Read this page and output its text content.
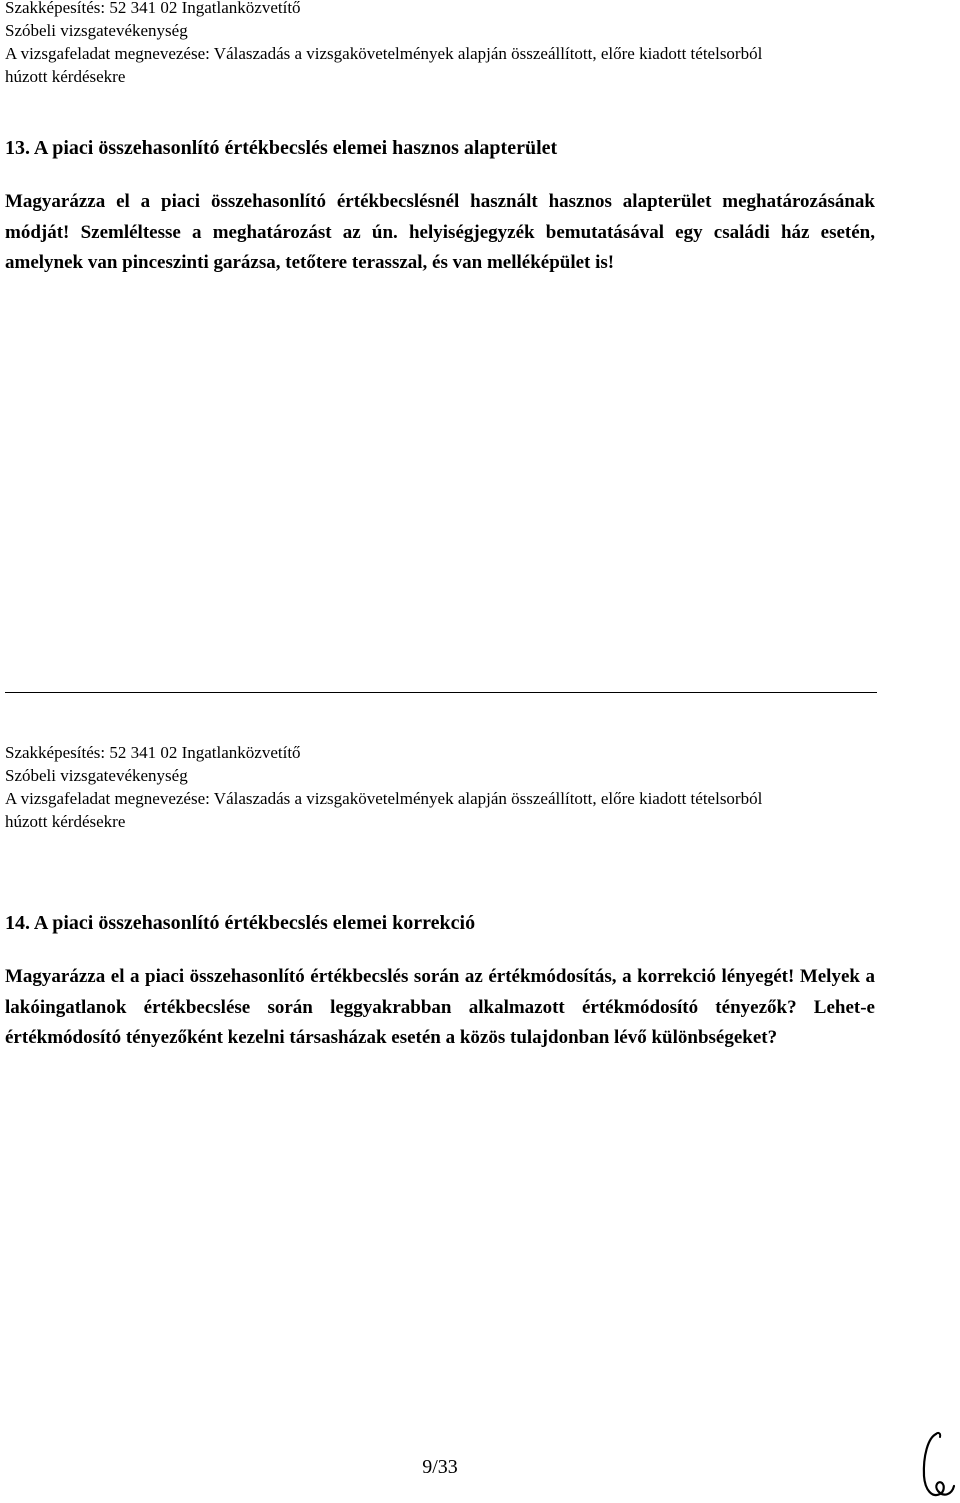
Szakképesítés: 52 341 02 Ingatlanközvetítő
Szóbeli vizsgatevékenység
A vizsgafeladat megnevezése: Válaszadás a vizsgakövetelmények alapján összeállított, előre kiadott tételsorból
húzott kérdésekre
13. A piaci összehasonlító értékbecslés elemei hasznos alapterület
Magyarázza el a piaci összehasonlító értékbecslésnél használt hasznos alapterület meghatározásának módját! Szemléltesse a meghatározást az ún. helyiségjegyzék bemutatásával egy családi ház esetén, amelynek van pinceszinti garázsa, tetőtere terasszal, és van melléképület is!
Szakképesítés: 52 341 02 Ingatlanközvetítő
Szóbeli vizsgatevékenység
A vizsgafeladat megnevezése: Válaszadás a vizsgakövetelmények alapján összeállított, előre kiadott tételsorból
húzott kérdésekre
14. A piaci összehasonlító értékbecslés elemei korrekció
Magyarázza el a piaci összehasonlító értékbecslés során az értékmódosítás, a korrekció lényegét! Melyek a lakóingatlanok értékbecslése során leggyakrabban alkalmazott értékmódosító tényezők? Lehet-e értékmódosító tényezőként kezelni társasházak esetén a közös tulajdonban lévő különbségeket?
9/33
